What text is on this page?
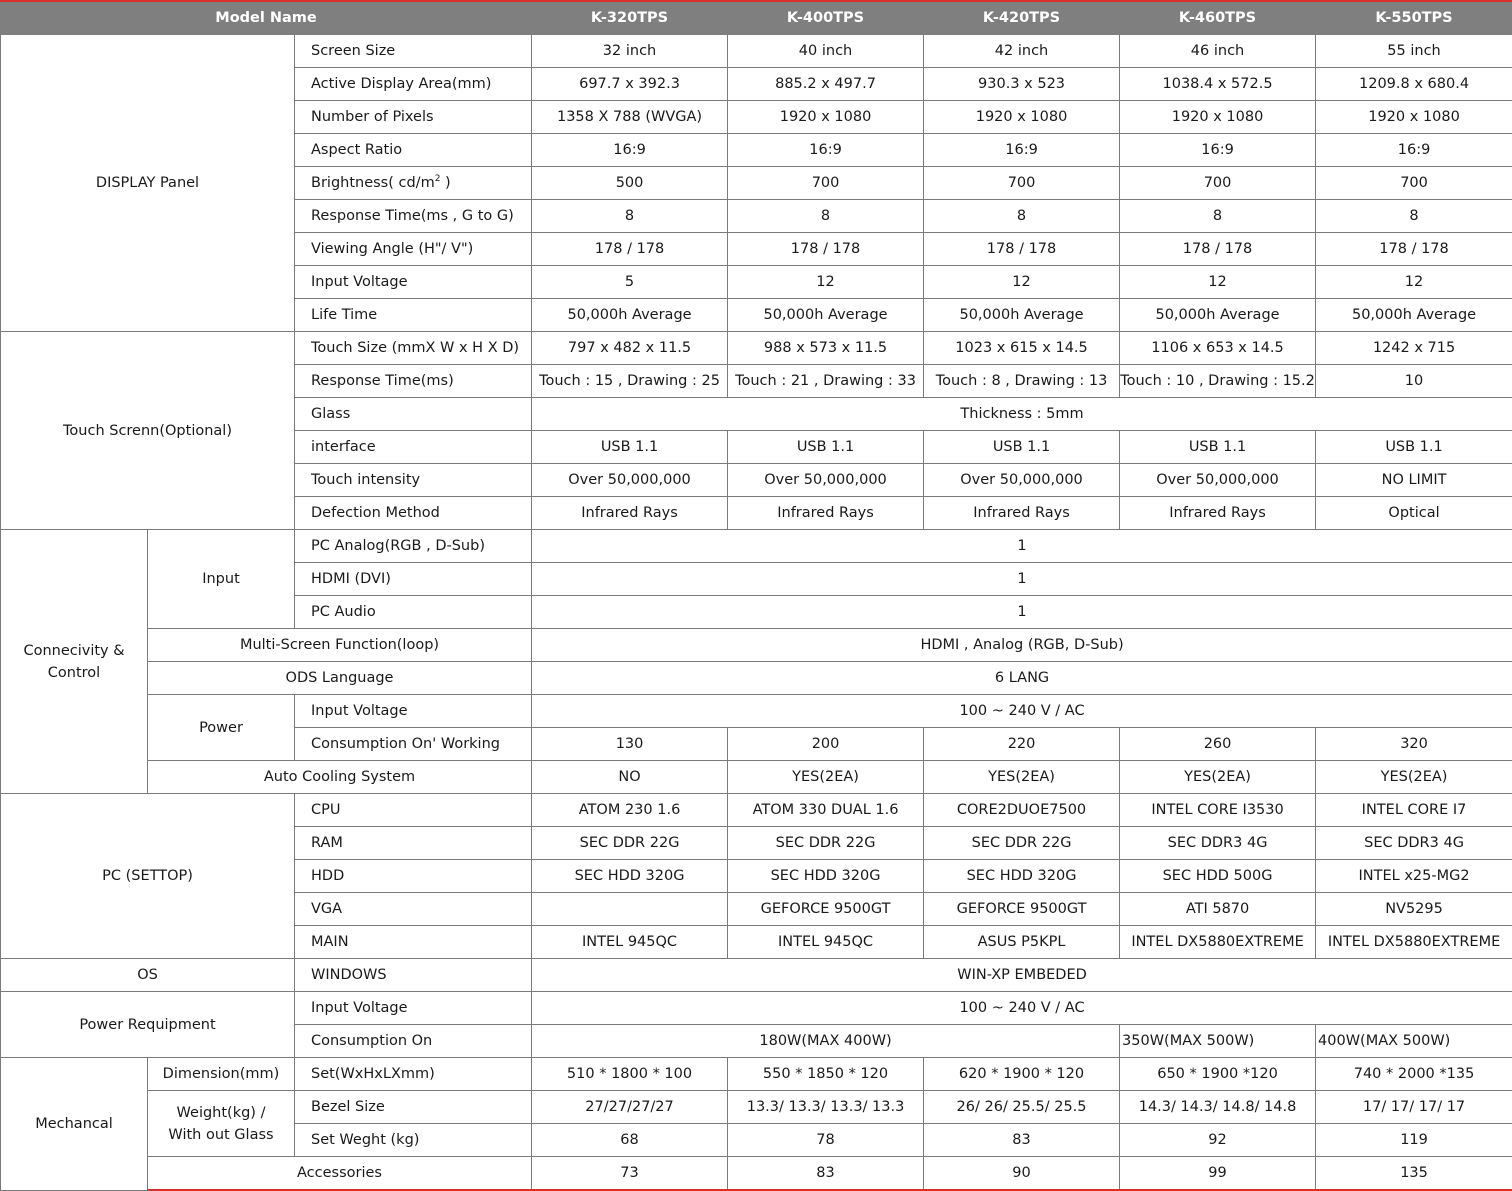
Model Name			K-320TPS	K-400TPS	K-420TPS	K-460TPS	K-550TPS
DISPLAY Panel		Screen Size	32 inch	40 inch	42 inch	46 inch	55 inch
		Active Display Area(mm)	697.7 x 392.3	885.2 x 497.7	930.3 x 523	1038.4 x 572.5	1209.8 x 680.4
		Number of Pixels	1358 X 788 (WVGA)	1920 x 1080	1920 x 1080	1920 x 1080	1920 x 1080
		Aspect Ratio	16:9	16:9	16:9	16:9	16:9
		Brightness( $cd/m^2$ )	500	700	700	700	700
		Response Time(ms , G to G)	8	8	8	8	8
		Viewing Angle (H"/ V")	178 / 178	178 / 178	178 / 178	178 / 178	178 / 178
		Input Voltage	5	12	12	12	12
		Life Time	50,000h Average	50,000h Average	50,000h Average	50,000h Average	50,000h Average
Touch Screnn(Optional)		Touch Size (mmX W x H X D)	797 x 482 x 11.5	988 x 573 x 11.5	1023 x 615 x 14.5	1106 x 653 x 14.5	1242 x 715
		Response Time(ms)	Touch : 15 , Drawing : 25	Touch : 21 , Drawing : 33	Touch : 8 , Drawing : 13	Touch : 10 , Drawing : 15.2	10
		Glass	Thickness : 5mm				
		interface	USB 1.1	USB 1.1	USB 1.1	USB 1.1	USB 1.1
		Touch intensity	Over 50,000,000	Over 50,000,000	Over 50,000,000	Over 50,000,000	NO LIMIT
		Defection Method	Infrared Rays	Infrared Rays	Infrared Rays	Infrared Rays	Optical
Connecivity &
Control	Input	PC Analog(RGB , D-Sub)	1				
		HDMI (DVI)	1				
		PC Audio	1				
	Multi-Screen Function(loop)		HDMI , Analog (RGB, D-Sub)				
	ODS Language		6 LANG				
	Power	Input Voltage	100 ~ 240 V / AC				
		Consumption On' Working	130	200	220	260	320
	Auto Cooling System		NO	YES(2EA)	YES(2EA)	YES(2EA)	YES(2EA)
PC (SETTOP)		CPU	ATOM 230 1.6	ATOM 330 DUAL 1.6	CORE2DUOE7500	INTEL CORE I3530	INTEL CORE I7
		RAM	SEC DDR 22G	SEC DDR 22G	SEC DDR 22G	SEC DDR3 4G	SEC DDR3 4G
		HDD	SEC HDD 320G	SEC HDD 320G	SEC HDD 320G	SEC HDD 500G	INTEL x25-MG2
		VGA		GEFORCE 9500GT	GEFORCE 9500GT	ATI 5870	NV5295
		MAIN	INTEL 945QC	INTEL 945QC	ASUS P5KPL	INTEL DX5880EXTREME	INTEL DX5880EXTREME
OS		WINDOWS	WIN-XP EMBEDED				
Power Requipment		Input Voltage	100 ~ 240 V / AC				
		Consumption On	180W(MAX 400W)			350W(MAX 500W)	400W(MAX 500W)
Mechancal	Dimension(mm)	Set(WxHxLXmm)	510 * 1800 * 100	550 * 1850 * 120	620 * 1900 * 120	650 * 1900 *120	740 * 2000 *135
	Weight(kg) /
With out Glass	Bezel Size	27/27/27/27	13.3/ 13.3/ 13.3/ 13.3	26/ 26/ 25.5/ 25.5	14.3/ 14.3/ 14.8/ 14.8	17/ 17/ 17/ 17
		Set Weght (kg)	68	78	83	92	119
	Accessories		73	83	90	99	135
